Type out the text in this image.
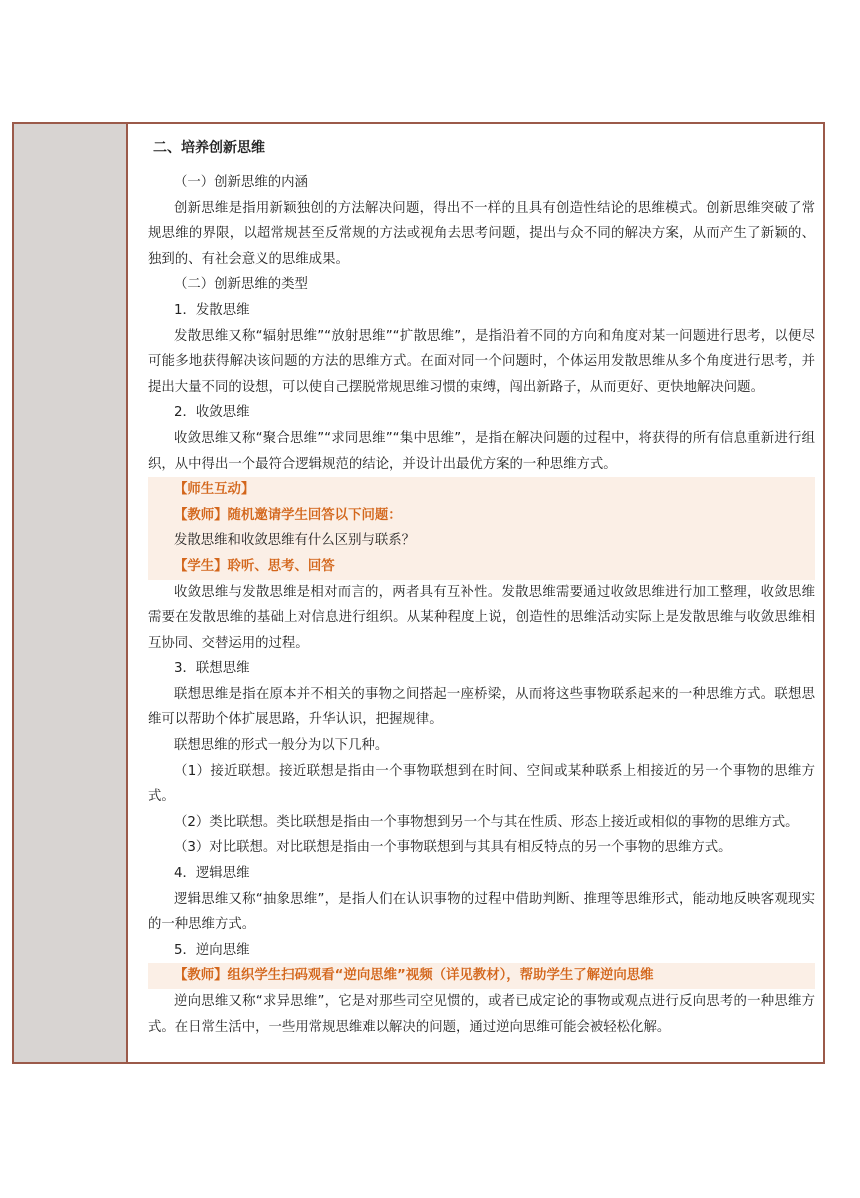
二、培养创新思维

（一）创新思维的内涵

创新思维是指用新颖独创的方法解决问题，得出不一样的且具有创造性结论的思维模式。创新思维突破了常规思维的界限，以超常规甚至反常规的方法或视角去思考问题，提出与众不同的解决方案，从而产生了新颖的、独到的、有社会意义的思维成果。

（二）创新思维的类型

1．发散思维

发散思维又称“辐射思维”“放射思维”“扩散思维”，是指沿着不同的方向和角度对某一问题进行思考，以便尽可能多地获得解决该问题的方法的思维方式。在面对同一个问题时，个体运用发散思维从多个角度进行思考，并提出大量不同的设想，可以使自己摆脱常规思维习惯的束缚，闯出新路子，从而更好、更快地解决问题。

2．收敛思维

收敛思维又称“聚合思维”“求同思维”“集中思维”，是指在解决问题的过程中，将获得的所有信息重新进行组织，从中得出一个最符合逻辑规范的结论，并设计出最优方案的一种思维方式。

【师生互动】

【教师】随机邀请学生回答以下问题：

发散思维和收敛思维有什么区别与联系？

【学生】聆听、思考、回答

收敛思维与发散思维是相对而言的，两者具有互补性。发散思维需要通过收敛思维进行加工整理，收敛思维需要在发散思维的基础上对信息进行组织。从某种程度上说，创造性的思维活动实际上是发散思维与收敛思维相互协同、交替运用的过程。

3．联想思维

联想思维是指在原本并不相关的事物之间搭起一座桥梁，从而将这些事物联系起来的一种思维方式。联想思维可以帮助个体扩展思路，升华认识，把握规律。

联想思维的形式一般分为以下几种。

（1）接近联想。接近联想是指由一个事物联想到在时间、空间或某种联系上相接近的另一个事物的思维方式。

（2）类比联想。类比联想是指由一个事物想到另一个与其在性质、形态上接近或相似的事物的思维方式。

（3）对比联想。对比联想是指由一个事物联想到与其具有相反特点的另一个事物的思维方式。

4．逻辑思维

逻辑思维又称“抽象思维”，是指人们在认识事物的过程中借助判断、推理等思维形式，能动地反映客观现实的一种思维方式。

5．逆向思维

【教师】组织学生扫码观看“逆向思维”视频（详见教材），帮助学生了解逆向思维

逆向思维又称“求异思维”，它是对那些司空见惯的，或者已成定论的事物或观点进行反向思考的一种思维方式。在日常生活中，一些用常规思维难以解决的问题，通过逆向思维可能会被轻松化解。
